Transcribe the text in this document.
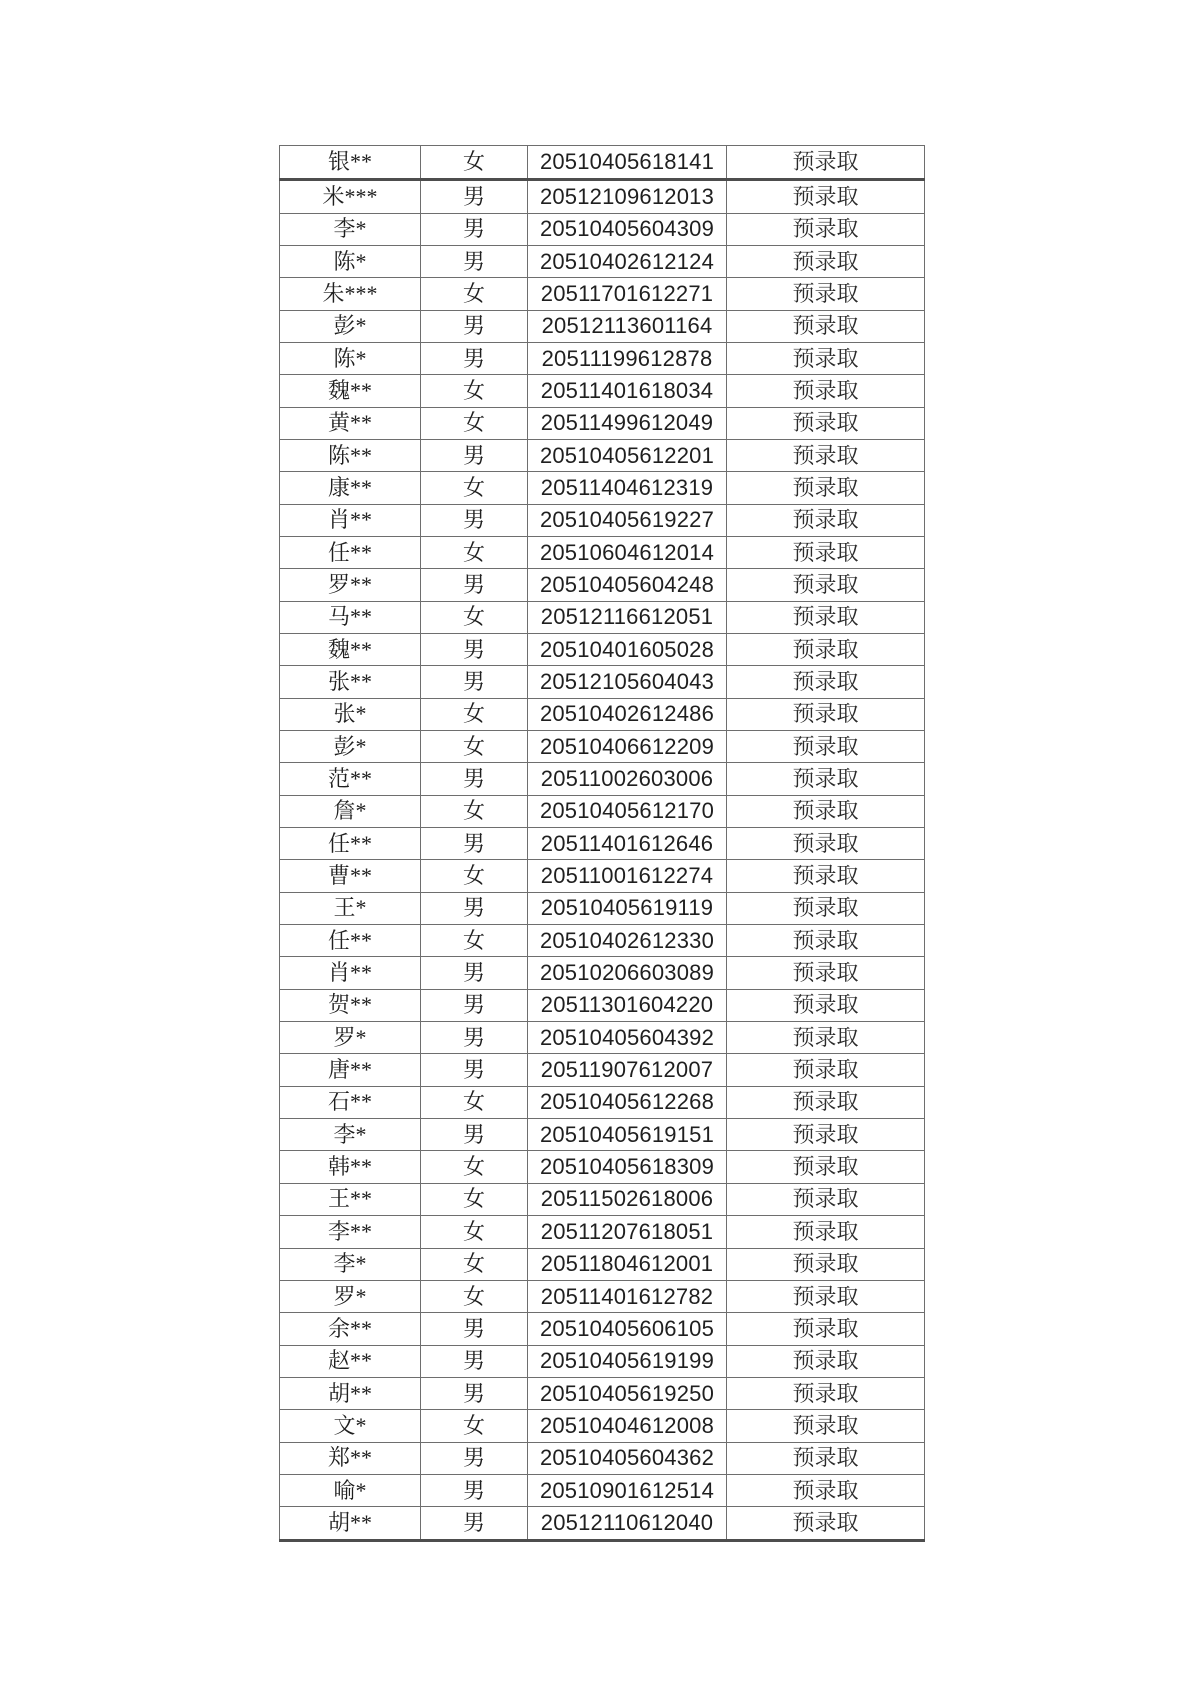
银**	女	20510405618141	预录取
米***	男	20512109612013	预录取
李*	男	20510405604309	预录取
陈*	男	20510402612124	预录取
朱***	女	20511701612271	预录取
彭*	男	20512113601164	预录取
陈*	男	20511199612878	预录取
魏**	女	20511401618034	预录取
黄**	女	20511499612049	预录取
陈**	男	20510405612201	预录取
康**	女	20511404612319	预录取
肖**	男	20510405619227	预录取
任**	女	20510604612014	预录取
罗**	男	20510405604248	预录取
马**	女	20512116612051	预录取
魏**	男	20510401605028	预录取
张**	男	20512105604043	预录取
张*	女	20510402612486	预录取
彭*	女	20510406612209	预录取
范**	男	20511002603006	预录取
詹*	女	20510405612170	预录取
任**	男	20511401612646	预录取
曹**	女	20511001612274	预录取
王*	男	20510405619119	预录取
任**	女	20510402612330	预录取
肖**	男	20510206603089	预录取
贺**	男	20511301604220	预录取
罗*	男	20510405604392	预录取
唐**	男	20511907612007	预录取
石**	女	20510405612268	预录取
李*	男	20510405619151	预录取
韩**	女	20510405618309	预录取
王**	女	20511502618006	预录取
李**	女	20511207618051	预录取
李*	女	20511804612001	预录取
罗*	女	20511401612782	预录取
余**	男	20510405606105	预录取
赵**	男	20510405619199	预录取
胡**	男	20510405619250	预录取
文*	女	20510404612008	预录取
郑**	男	20510405604362	预录取
喻*	男	20510901612514	预录取
胡**	男	20512110612040	预录取
